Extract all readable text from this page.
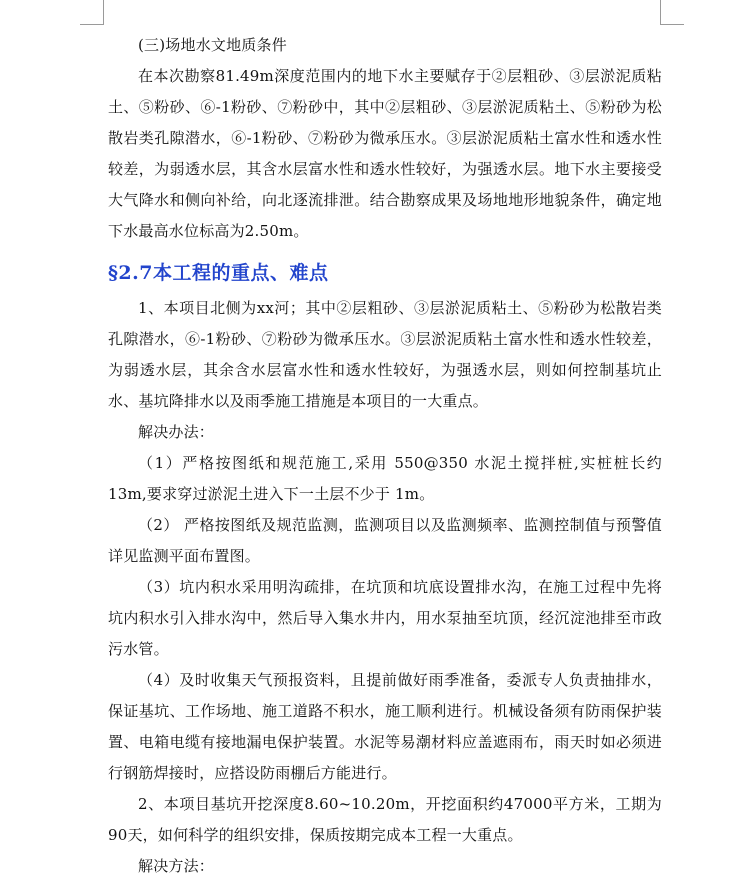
(三)场地水文地质条件

在本次勘察81.49m深度范围内的地下水主要赋存于②层粗砂、③层淤泥质粘土、⑤粉砂、⑥-1粉砂、⑦粉砂中，其中②层粗砂、③层淤泥质粘土、⑤粉砂为松散岩类孔隙潜水，⑥-1粉砂、⑦粉砂为微承压水。③层淤泥质粘土富水性和透水性较差，为弱透水层，其含水层富水性和透水性较好，为强透水层。地下水主要接受大气降水和侧向补给，向北逐流排泄。结合勘察成果及场地地形地貌条件，确定地下水最高水位标高为2.50m。

§2.7本工程的重点、难点

1、本项目北侧为xx河；其中②层粗砂、③层淤泥质粘土、⑤粉砂为松散岩类孔隙潜水，⑥-1粉砂、⑦粉砂为微承压水。③层淤泥质粘土富水性和透水性较差，为弱透水层，其余含水层富水性和透水性较好，为强透水层，则如何控制基坑止水、基坑降排水以及雨季施工措施是本项目的一大重点。

解决办法：

（1）严格按图纸和规范施工,采用 550@350 水泥土搅拌桩,实桩桩长约 13m,要求穿过淤泥土进入下一土层不少于 1m。

（2） 严格按图纸及规范监测，监测项目以及监测频率、监测控制值与预警值详见监测平面布置图。

（3）坑内积水采用明沟疏排，在坑顶和坑底设置排水沟，在施工过程中先将坑内积水引入排水沟中，然后导入集水井内，用水泵抽至坑顶，经沉淀池排至市政污水管。

（4）及时收集天气预报资料，且提前做好雨季准备，委派专人负责抽排水，保证基坑、工作场地、施工道路不积水，施工顺利进行。机械设备须有防雨保护装置、电箱电缆有接地漏电保护装置。水泥等易潮材料应盖遮雨布，雨天时如必须进行钢筋焊接时，应搭设防雨棚后方能进行。

2、本项目基坑开挖深度8.60~10.20m，开挖面积约47000平方米，工期为90天，如何科学的组织安排，保质按期完成本工程一大重点。

解决方法：
